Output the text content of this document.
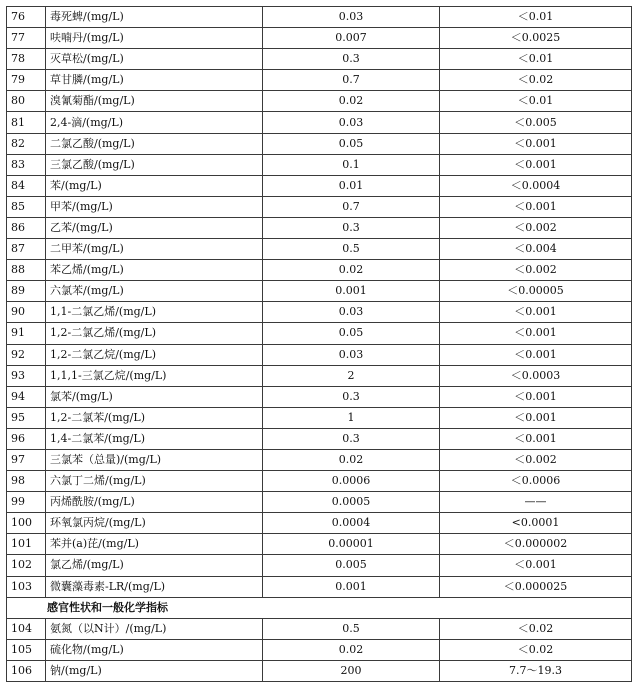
76	毒死蜱/(mg/L)	0.03	＜0.01
77	呋喃丹/(mg/L)	0.007	＜0.0025
78	灭草松/(mg/L)	0.3	＜0.01
79	草甘膦/(mg/L)	0.7	＜0.02
80	溴氰菊酯/(mg/L)	0.02	＜0.01
81	2,4-滴/(mg/L)	0.03	＜0.005
82	二氯乙酸/(mg/L)	0.05	＜0.001
83	三氯乙酸/(mg/L)	0.1	＜0.001
84	苯/(mg/L)	0.01	＜0.0004
85	甲苯/(mg/L)	0.7	＜0.001
86	乙苯/(mg/L)	0.3	＜0.002
87	二甲苯/(mg/L)	0.5	＜0.004
88	苯乙烯/(mg/L)	0.02	＜0.002
89	六氯苯/(mg/L)	0.001	＜0.00005
90	1,1-二氯乙烯/(mg/L)	0.03	＜0.001
91	1,2-二氯乙烯/(mg/L)	0.05	＜0.001
92	1,2-二氯乙烷/(mg/L)	0.03	＜0.001
93	1,1,1-三氯乙烷/(mg/L)	2	＜0.0003
94	氯苯/(mg/L)	0.3	＜0.001
95	1,2-二氯苯/(mg/L)	1	＜0.001
96	1,4-二氯苯/(mg/L)	0.3	＜0.001
97	三氯苯（总量)/(mg/L)	0.02	＜0.002
98	六氯丁二烯/(mg/L)	0.0006	＜0.0006
99	丙烯酰胺/(mg/L)	0.0005	——
100	环氧氯丙烷/(mg/L)	0.0004	<0.0001
101	苯并(a)芘/(mg/L)	0.00001	＜0.000002
102	氯乙烯/(mg/L)	0.005	＜0.001
103	微囊藻毒素-LR/(mg/L)	0.001	＜0.000025
感官性状和一般化学指标			
104	氨氮（以N计）/(mg/L)	0.5	＜0.02
105	硫化物/(mg/L)	0.02	＜0.02
106	钠/(mg/L)	200	7.7～19.3
